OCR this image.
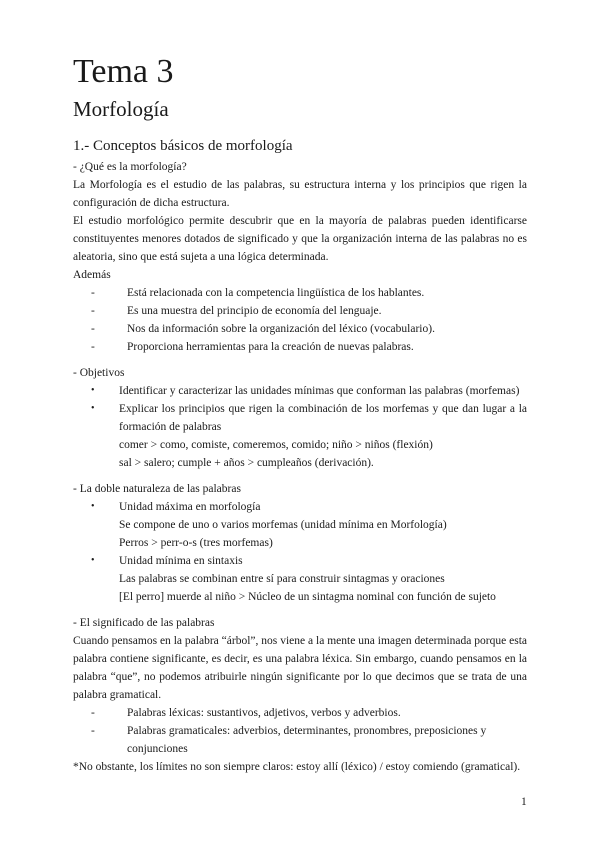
Tema 3
Morfología
1.- Conceptos básicos de morfología

- ¿Qué es la morfología?

La Morfología es el estudio de las palabras, su estructura interna y los principios que rigen la configuración de dicha estructura.

El estudio morfológico permite descubrir que en la mayoría de palabras pueden identificarse constituyentes menores dotados de significado y que la organización interna de las palabras no es aleatoria, sino que está sujeta a una lógica determinada.

Además

-	Está relacionada con la competencia lingüística de los hablantes.
-	Es una muestra del principio de economía del lenguaje.
-	Nos da información sobre la organización del léxico (vocabulario).
-	Proporciona herramientas para la creación de nuevas palabras.

- Objetivos

• Identificar y caracterizar las unidades mínimas que conforman las palabras (morfemas)
• Explicar los principios que rigen la combinación de los morfemas y que dan lugar a la formación de palabras
comer > como, comiste, comeremos, comido; niño > niños (flexión)
sal > salero; cumple + años > cumpleaños (derivación).

- La doble naturaleza de las palabras

• Unidad máxima en morfología
Se compone de uno o varios morfemas (unidad mínima en Morfología)
Perros > perr-o-s (tres morfemas)
• Unidad mínima en sintaxis
Las palabras se combinan entre sí para construir sintagmas y oraciones
[El perro] muerde al niño > Núcleo de un sintagma nominal con función de sujeto

- El significado de las palabras

Cuando pensamos en la palabra “árbol”, nos viene a la mente una imagen determinada porque esta palabra contiene significante, es decir, es una palabra léxica. Sin embargo, cuando pensamos en la palabra “que”, no podemos atribuirle ningún significante por lo que decimos que se trata de una palabra gramatical.

-	Palabras léxicas: sustantivos, adjetivos, verbos y adverbios.
-	Palabras gramaticales: adverbios, determinantes, pronombres, preposiciones y conjunciones

*No obstante, los límites no son siempre claros: estoy allí (léxico) / estoy comiendo (gramatical).

1
